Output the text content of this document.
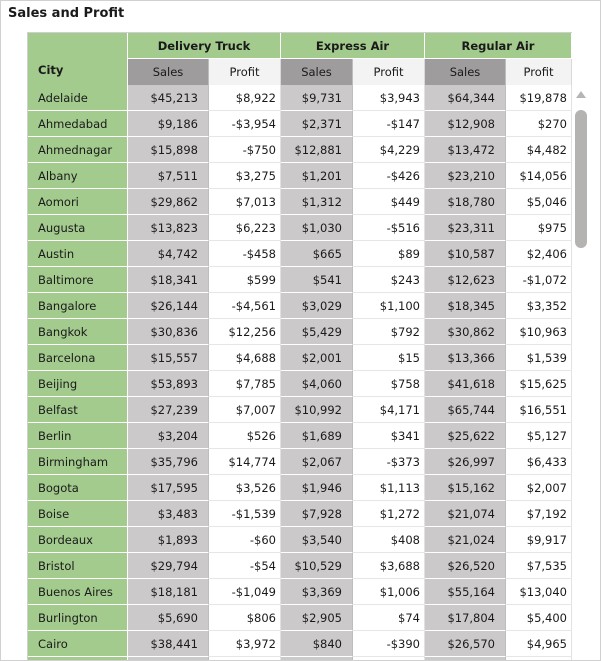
Sales and Profit
Delivery Truck	Express Air	Regular Air
City	Sales	Profit	Sales	Profit	Sales	Profit
Adelaide	$45,213	$8,922	$9,731	$3,943	$64,344	$19,878
Ahmedabad	$9,186	-$3,954	$2,371	-$147	$12,908	$270
Ahmednagar	$15,898	-$750	$12,881	$4,229	$13,472	$4,482
Albany	$7,511	$3,275	$1,201	-$426	$23,210	$14,056
Aomori	$29,862	$7,013	$1,312	$449	$18,780	$5,046
Augusta	$13,823	$6,223	$1,030	-$516	$23,311	$975
Austin	$4,742	-$458	$665	$89	$10,587	$2,406
Baltimore	$18,341	$599	$541	$243	$12,623	-$1,072
Bangalore	$26,144	-$4,561	$3,029	$1,100	$18,345	$3,352
Bangkok	$30,836	$12,256	$5,429	$792	$30,862	$10,963
Barcelona	$15,557	$4,688	$2,001	$15	$13,366	$1,539
Beijing	$53,893	$7,785	$4,060	$758	$41,618	$15,625
Belfast	$27,239	$7,007	$10,992	$4,171	$65,744	$16,551
Berlin	$3,204	$526	$1,689	$341	$25,622	$5,127
Birmingham	$35,796	$14,774	$2,067	-$373	$26,997	$6,433
Bogota	$17,595	$3,526	$1,946	$1,113	$15,162	$2,007
Boise	$3,483	-$1,539	$7,928	$1,272	$21,074	$7,192
Bordeaux	$1,893	-$60	$3,540	$408	$21,024	$9,917
Bristol	$29,794	-$54	$10,529	$3,688	$26,520	$7,535
Buenos Aires	$18,181	-$1,049	$3,369	$1,006	$55,164	$13,040
Burlington	$5,690	$806	$2,905	$74	$17,804	$5,400
Cairo	$38,441	$3,972	$840	-$390	$26,570	$4,965
